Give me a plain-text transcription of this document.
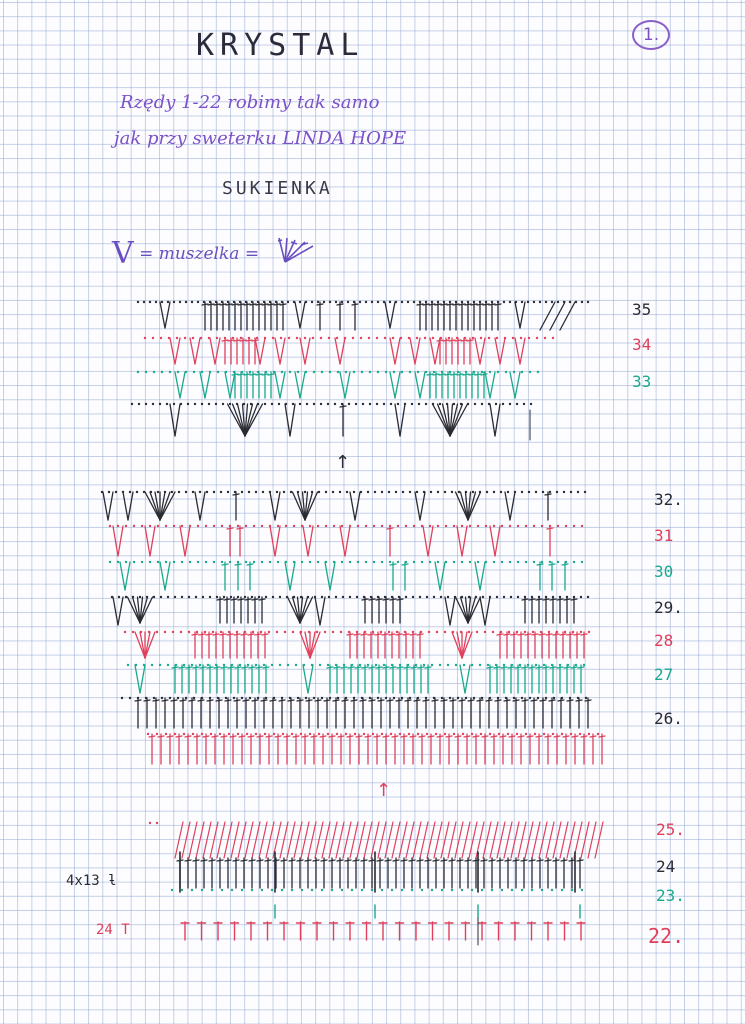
KRYSTAL	1.
Rzędy 1-22 robimy tak samo
jak przy sweterku LINDA HOPE
SUKIENKA
V = muszelka =
35
34
33
32.
31
30
29.
28
27
26.
25.
24
23.
22.
4x13 ƚ
24 T
↑
↑
